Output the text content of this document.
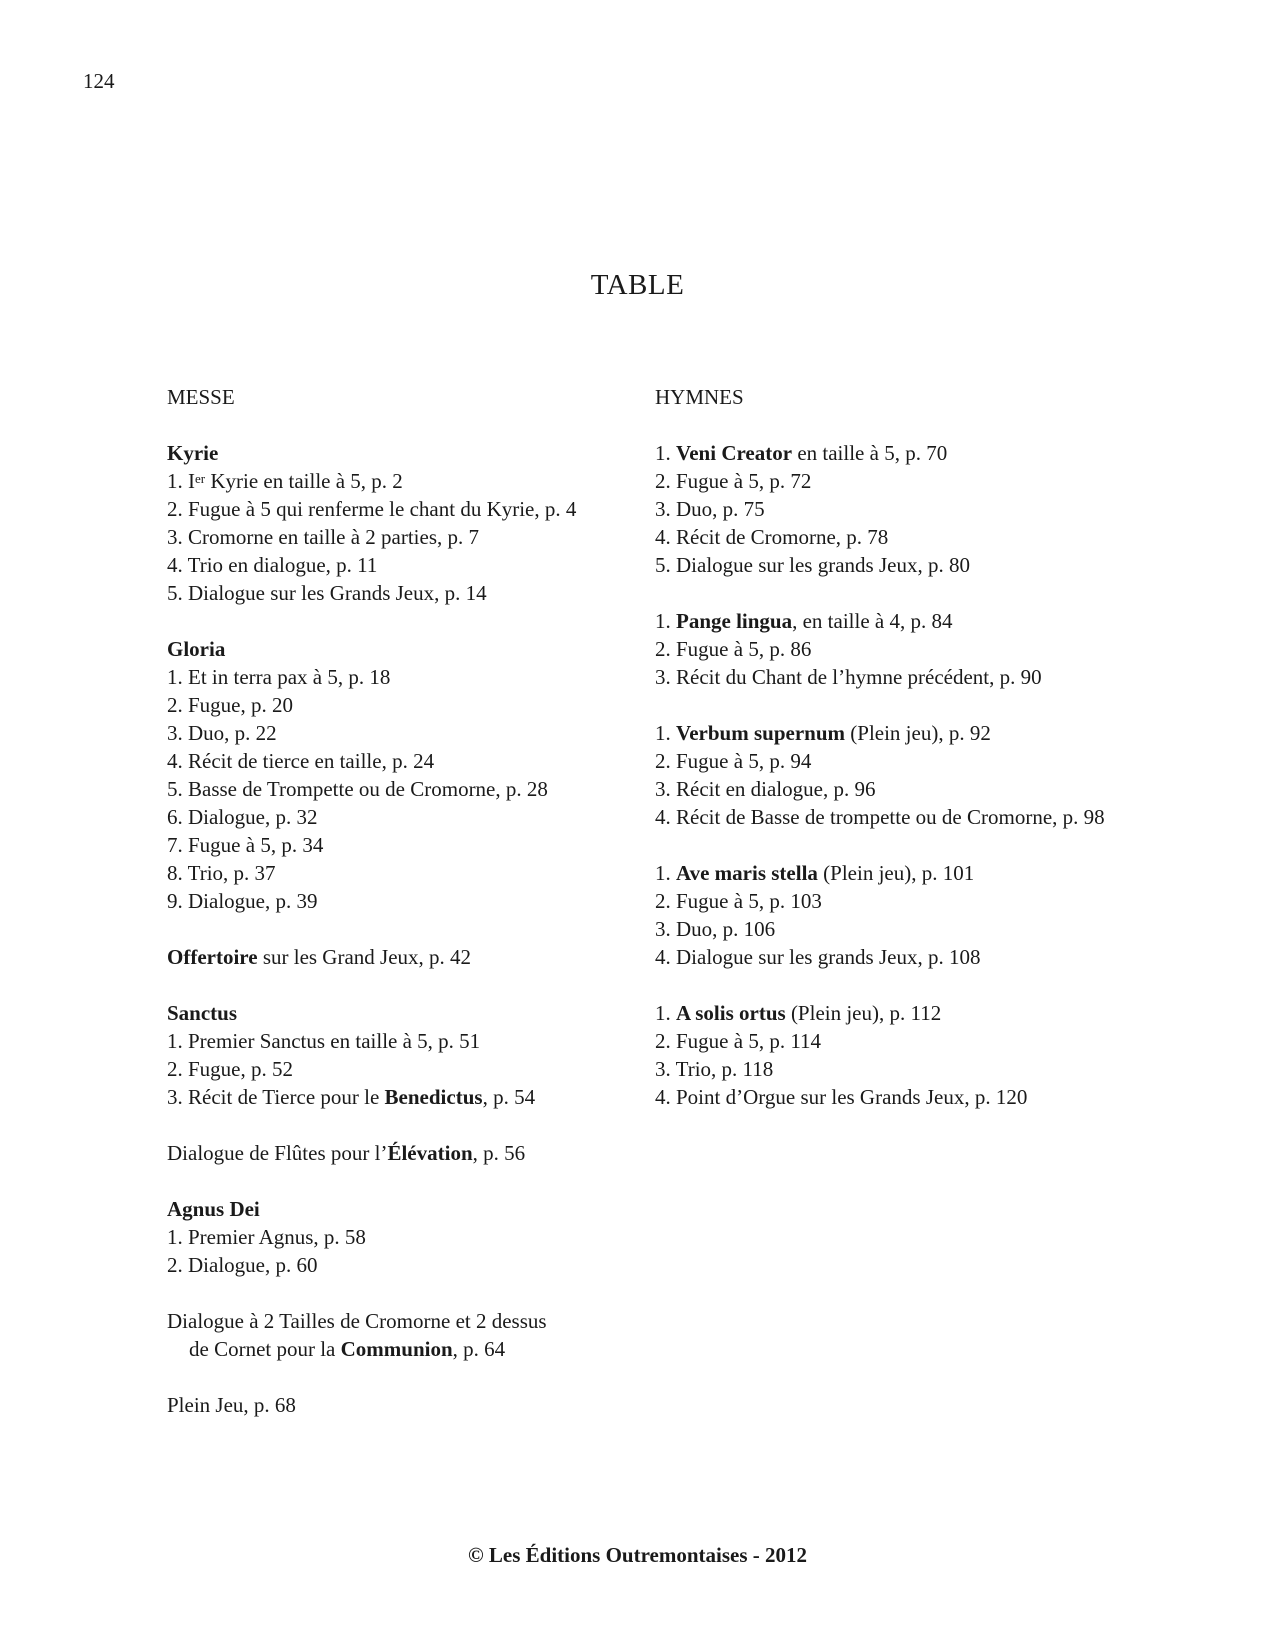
124
TABLE
MESSE
Kyrie
1. Ier Kyrie en taille à 5, p. 2
2. Fugue à 5 qui renferme le chant du Kyrie, p. 4
3. Cromorne en taille à 2 parties, p. 7
4. Trio en dialogue, p. 11
5. Dialogue sur les Grands Jeux, p. 14
Gloria
1. Et in terra pax à 5, p. 18
2. Fugue, p. 20
3. Duo, p. 22
4. Récit de tierce en taille, p. 24
5. Basse de Trompette ou de Cromorne, p. 28
6. Dialogue, p. 32
7. Fugue à 5, p. 34
8. Trio, p. 37
9. Dialogue, p. 39
Offertoire sur les Grand Jeux, p. 42
Sanctus
1. Premier Sanctus en taille à 5, p. 51
2. Fugue, p. 52
3. Récit de Tierce pour le Benedictus, p. 54
Dialogue de Flûtes pour l’Élévation, p. 56
Agnus Dei
1. Premier Agnus, p. 58
2. Dialogue, p. 60
Dialogue à 2 Tailles de Cromorne et 2 dessus
de Cornet pour la Communion, p. 64
Plein Jeu, p. 68
HYMNES
1. Veni Creator en taille à 5, p. 70
2. Fugue à 5, p. 72
3. Duo, p. 75
4. Récit de Cromorne, p. 78
5. Dialogue sur les grands Jeux, p. 80
1. Pange lingua, en taille à 4, p. 84
2. Fugue à 5, p. 86
3. Récit du Chant de l’hymne précédent, p. 90
1. Verbum supernum (Plein jeu), p. 92
2. Fugue à 5, p. 94
3. Récit en dialogue, p. 96
4. Récit de Basse de trompette ou de Cromorne, p. 98
1. Ave maris stella (Plein jeu), p. 101
2. Fugue à 5, p. 103
3. Duo, p. 106
4. Dialogue sur les grands Jeux, p. 108
1. A solis ortus (Plein jeu), p. 112
2. Fugue à 5, p. 114
3. Trio, p. 118
4. Point d’Orgue sur les Grands Jeux, p. 120
© Les Éditions Outremontaises - 2012
